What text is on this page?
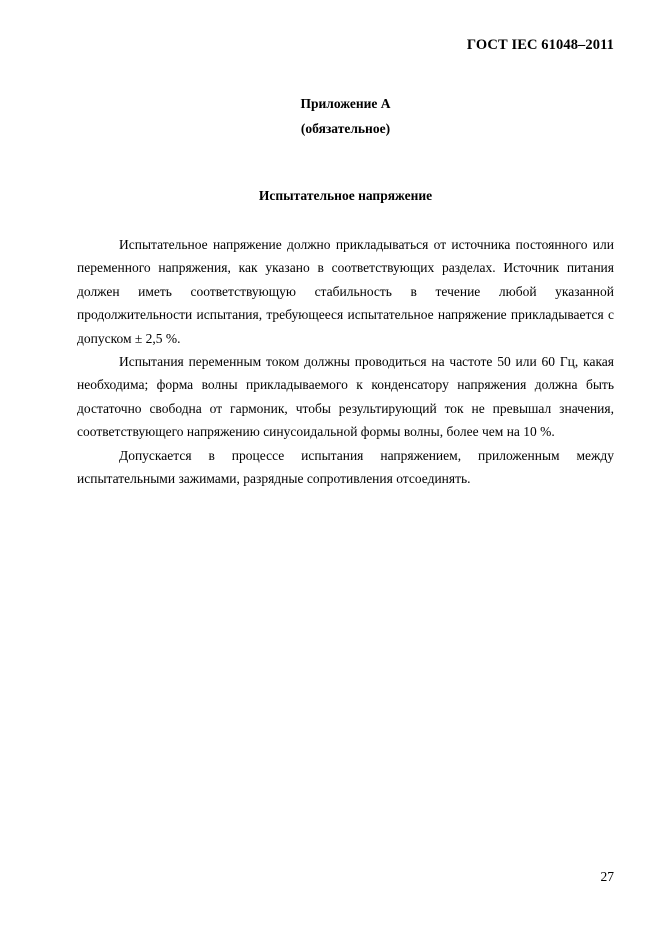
ГОСТ IEC 61048–2011
Приложение А
(обязательное)
Испытательное напряжение

Испытательное напряжение должно прикладываться от источника постоянного или переменного напряжения, как указано в соответствующих разделах. Источник питания должен иметь соответствующую стабильность в течение любой указанной продолжительности испытания, требующееся испытательное напряжение прикладывается с допуском ± 2,5 %.

Испытания переменным током должны проводиться на частоте 50 или 60 Гц, какая необходима; форма волны прикладываемого к конденсатору напряжения должна быть достаточно свободна от гармоник, чтобы результирующий ток не превышал значения, соответствующего напряжению синусоидальной формы волны, более чем на 10 %.

Допускается в процессе испытания напряжением, приложенным между испытательными зажимами, разрядные сопротивления отсоединять.

27
